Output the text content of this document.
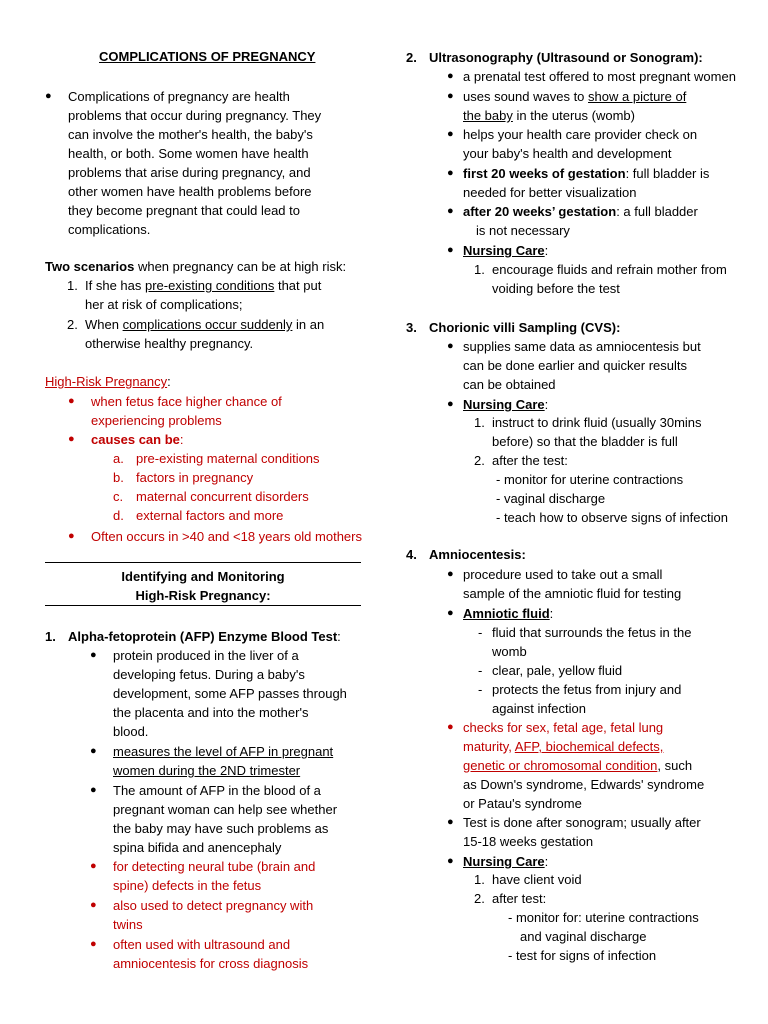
COMPLICATIONS OF PREGNANCY
● Complications of pregnancy are health
problems that occur during pregnancy. They
can involve the mother's health, the baby's
health, or both. Some women have health
problems that arise during pregnancy, and
other women have health problems before
they become pregnant that could lead to
complications.
Two scenarios when pregnancy can be at high risk:
1. If she has pre-existing conditions that put
her at risk of complications;
2. When complications occur suddenly in an
otherwise healthy pregnancy.
High-Risk Pregnancy:
● when fetus face higher chance of
experiencing problems
● causes can be:
a. pre-existing maternal conditions
b. factors in pregnancy
c. maternal concurrent disorders
d. external factors and more
● Often occurs in >40 and <18 years old mothers
Identifying and Monitoring
High-Risk Pregnancy:
1. Alpha-fetoprotein (AFP) Enzyme Blood Test:
● protein produced in the liver of a
developing fetus. During a baby's
development, some AFP passes through
the placenta and into the mother's
blood.
● measures the level of AFP in pregnant
women during the 2ND trimester
● The amount of AFP in the blood of a
pregnant woman can help see whether
the baby may have such problems as
spina bifida and anencephaly
● for detecting neural tube (brain and
spine) defects in the fetus
● also used to detect pregnancy with
twins
● often used with ultrasound and
amniocentesis for cross diagnosis
2. Ultrasonography (Ultrasound or Sonogram):
● a prenatal test offered to most pregnant women
● uses sound waves to show a picture of
the baby in the uterus (womb)
● helps your health care provider check on
your baby's health and development
● first 20 weeks of gestation: full bladder is
needed for better visualization
● after 20 weeks’ gestation: a full bladder
is not necessary
● Nursing Care:
1. encourage fluids and refrain mother from
voiding before the test
3. Chorionic villi Sampling (CVS):
● supplies same data as amniocentesis but
can be done earlier and quicker results
can be obtained
● Nursing Care:
1. instruct to drink fluid (usually 30mins
before) so that the bladder is full
2. after the test:
- monitor for uterine contractions
- vaginal discharge
- teach how to observe signs of infection
4. Amniocentesis:
● procedure used to take out a small
sample of the amniotic fluid for testing
● Amniotic fluid:
- fluid that surrounds the fetus in the
womb
- clear, pale, yellow fluid
- protects the fetus from injury and
against infection
● checks for sex, fetal age, fetal lung
maturity, AFP, biochemical defects,
genetic or chromosomal condition, such
as Down's syndrome, Edwards' syndrome
or Patau's syndrome
● Test is done after sonogram; usually after
15-18 weeks gestation
● Nursing Care:
1. have client void
2. after test:
- monitor for: uterine contractions
and vaginal discharge
- test for signs of infection
